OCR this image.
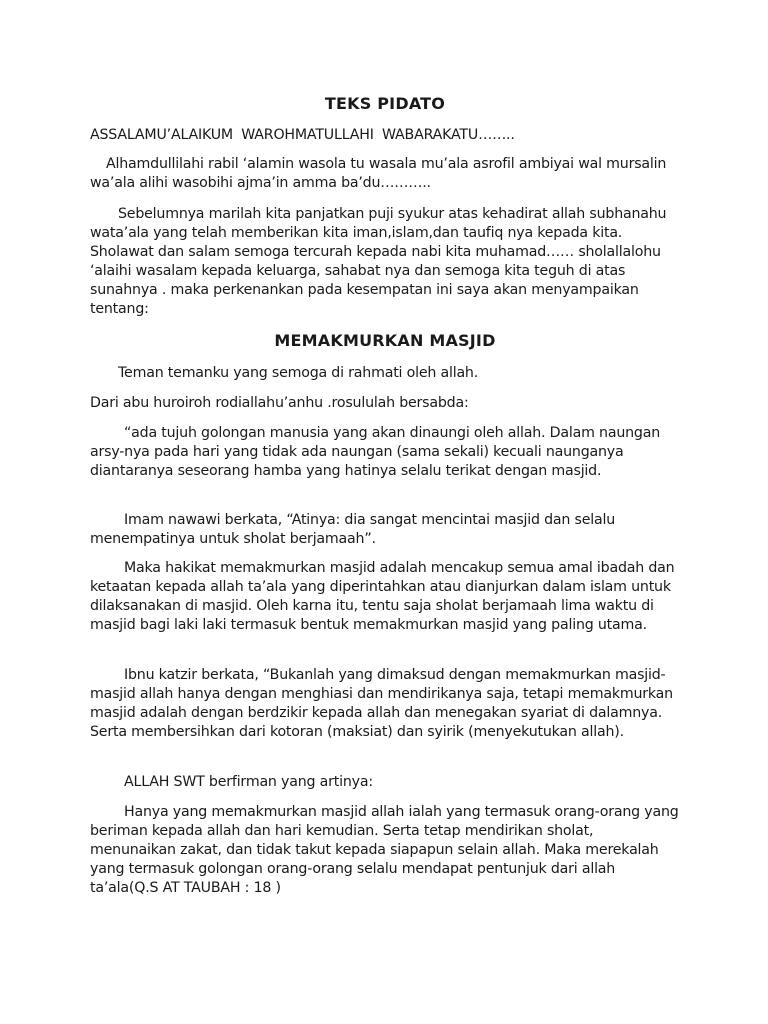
TEKS PIDATO
ASSALAMU’ALAIKUM WAROHMATULLAHI WABARAKATU……..

Alhamdullilahi rabil ‘alamin wasola tu wasala mu’ala asrofil ambiyai wal mursalin wa’ala alihi wasobihi ajma’in amma ba’du………..

Sebelumnya marilah kita panjatkan puji syukur atas kehadirat allah subhanahu wata’ala yang telah memberikan kita iman,islam,dan taufiq nya kepada kita. Sholawat dan salam semoga tercurah kepada nabi kita muhamad…… sholallalohu ‘alaihi wasalam kepada keluarga, sahabat nya dan semoga kita teguh di atas sunahnya . maka perkenankan pada kesempatan ini saya akan menyampaikan tentang:

MEMAKMURKAN MASJID

Teman temanku yang semoga di rahmati oleh allah.

Dari abu huroiroh rodiallahu’anhu .rosululah bersabda:

“ada tujuh golongan manusia yang akan dinaungi oleh allah. Dalam naungan arsy-nya pada hari yang tidak ada naungan (sama sekali) kecuali naunganya diantaranya seseorang hamba yang hatinya selalu terikat dengan masjid.

Imam nawawi berkata, “Atinya: dia sangat mencintai masjid dan selalu menempatinya untuk sholat berjamaah”.

Maka hakikat memakmurkan masjid adalah mencakup semua amal ibadah dan ketaatan kepada allah ta’ala yang diperintahkan atau dianjurkan dalam islam untuk dilaksanakan di masjid. Oleh karna itu, tentu saja sholat berjamaah lima waktu di masjid bagi laki laki termasuk bentuk memakmurkan masjid yang paling utama.

Ibnu katzir berkata, “Bukanlah yang dimaksud dengan memakmurkan masjid-masjid allah hanya dengan menghiasi dan mendirikanya saja, tetapi memakmurkan masjid adalah dengan berdzikir kepada allah dan menegakan syariat di dalamnya. Serta membersihkan dari kotoran (maksiat) dan syirik (menyekutukan allah).

ALLAH SWT berfirman yang artinya:

Hanya yang memakmurkan masjid allah ialah yang termasuk orang-orang yang beriman kepada allah dan hari kemudian. Serta tetap mendirikan sholat, menunaikan zakat, dan tidak takut kepada siapapun selain allah. Maka merekalah yang termasuk golongan orang-orang selalu mendapat pentunjuk dari allah ta’ala(Q.S AT TAUBAH : 18 )
